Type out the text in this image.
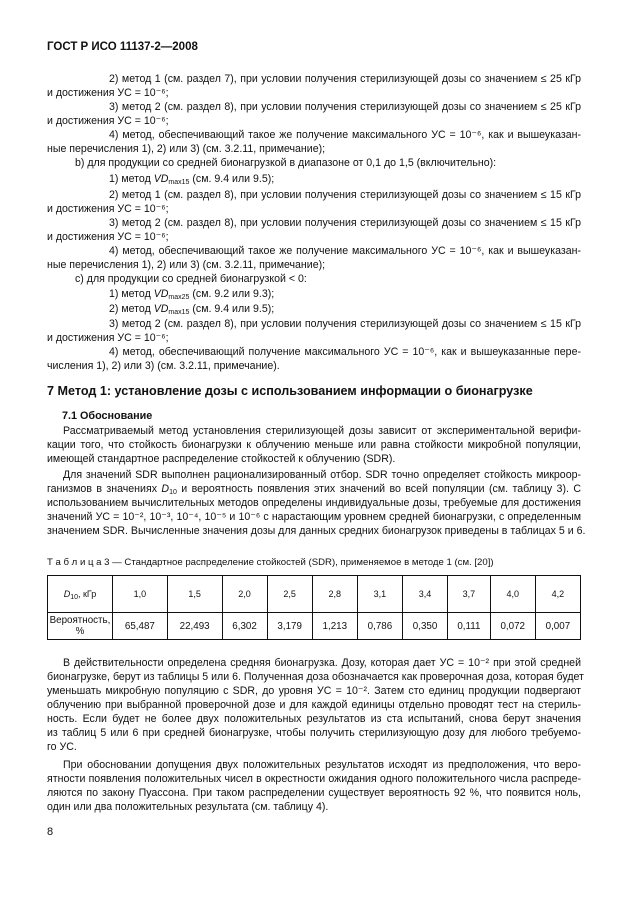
ГОСТ Р ИСО 11137-2—2008
2) метод 1 (см. раздел 7), при условии получения стерилизующей дозы со значением ≤ 25 кГр
и достижения УС = 10⁻⁶;
3) метод 2 (см. раздел 8), при условии получения стерилизующей дозы со значением ≤ 25 кГр
и достижения УС = 10⁻⁶;
4) метод, обеспечивающий такое же получение максимального УС = 10⁻⁶, как и вышеуказан-
ные перечисления 1), 2) или 3) (см. 3.2.11, примечание);
b) для продукции со средней бионагрузкой в диапазоне от 0,1 до 1,5 (включительно):
1) метод $VD_{max15}$ (см. 9.4 или 9.5);
2) метод 1 (см. раздел 8), при условии получения стерилизующей дозы со значением ≤ 15 кГр
и достижения УС = 10⁻⁶;
3) метод 2 (см. раздел 8), при условии получения стерилизующей дозы со значением ≤ 15 кГр
и достижения УС = 10⁻⁶;
4) метод, обеспечивающий такое же получение максимального УС = 10⁻⁶, как и вышеуказан-
ные перечисления 1), 2) или 3) (см. 3.2.11, примечание);
c) для продукции со средней бионагрузкой < 0:
1) метод $VD_{max25}$ (см. 9.2 или 9.3);
2) метод $VD_{max15}$ (см. 9.4 или 9.5);
3) метод 2 (см. раздел 8), при условии получения стерилизующей дозы со значением ≤ 15 кГр
и достижения УС = 10⁻⁶;
4) метод, обеспечивающий получение максимального УС = 10⁻⁶, как и вышеуказанные пере-
числения 1), 2) или 3) (см. 3.2.11, примечание).
7 Метод 1: установление дозы с использованием информации о бионагрузке
7.1 Обоснование
Рассматриваемый метод установления стерилизующей дозы зависит от экспериментальной верифи-
кации того, что стойкость бионагрузки к облучению меньше или равна стойкости микробной популяции,
имеющей стандартное распределение стойкостей к облучению (SDR).
Для значений SDR выполнен рационализированный отбор. SDR точно определяет стойкость микроор-
ганизмов в значениях $D_{10}$ и вероятность появления этих значений во всей популяции (см. таблицу 3). С
использованием вычислительных методов определены индивидуальные дозы, требуемые для достижения
значений УС = 10⁻², 10⁻³, 10⁻⁴, 10⁻⁵ и 10⁻⁶ с нарастающим уровнем средней бионагрузки, с определенным
значением SDR. Вычисленные значения дозы для данных средних бионагрузок приведены в таблицах 5 и 6.
Т а б л и ц а 3 — Стандартное распределение стойкостей (SDR), применяемое в методе 1 (см. [20])
$D_{10}$, кГр	1,0	1,5	2,0	2,5	2,8	3,1	3,4	3,7	4,0	4,2
Вероятность, %	65,487	22,493	6,302	3,179	1,213	0,786	0,350	0,111	0,072	0,007
В действительности определена средняя бионагрузка. Дозу, которая дает УС = 10⁻² при этой средней
бионагрузке, берут из таблицы 5 или 6. Полученная доза обозначается как проверочная доза, которая будет
уменьшать микробную популяцию с SDR, до уровня УС = 10⁻². Затем сто единиц продукции подвергают
облучению при выбранной проверочной дозе и для каждой единицы отдельно проводят тест на стериль-
ность. Если будет не более двух положительных результатов из ста испытаний, снова берут значения
из таблиц 5 или 6 при средней бионагрузке, чтобы получить стерилизующую дозу для любого требуемо-
го УС.
При обосновании допущения двух положительных результатов исходят из предположения, что веро-
ятности появления положительных чисел в окрестности ожидания одного положительного числа распреде-
ляются по закону Пуассона. При таком распределении существует вероятность 92 %, что появится ноль,
один или два положительных результата (см. таблицу 4).
8
